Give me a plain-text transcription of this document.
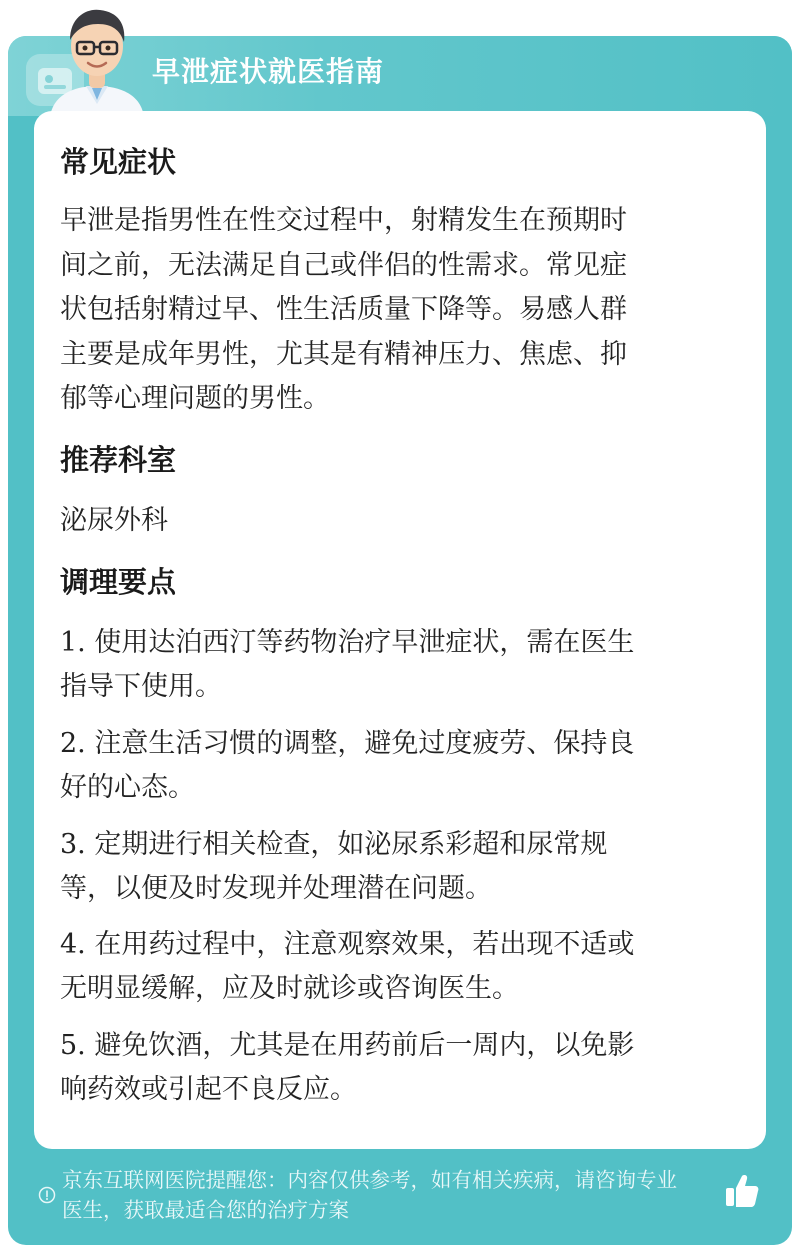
早泄症状就医指南
常见症状
早泄是指男性在性交过程中，射精发生在预期时
间之前，无法满足自己或伴侣的性需求。常见症
状包括射精过早、性生活质量下降等。易感人群
主要是成年男性，尤其是有精神压力、焦虑、抑
郁等心理问题的男性。
推荐科室
泌尿外科
调理要点
1. 使用达泊西汀等药物治疗早泄症状，需在医生
指导下使用。
2. 注意生活习惯的调整，避免过度疲劳、保持良
好的心态。
3. 定期进行相关检查，如泌尿系彩超和尿常规
等，以便及时发现并处理潜在问题。
4. 在用药过程中，注意观察效果，若出现不适或
无明显缓解，应及时就诊或咨询医生。
5. 避免饮酒，尤其是在用药前后一周内，以免影
响药效或引起不良反应。
京东互联网医院提醒您：内容仅供参考，如有相关疾病，请咨询专业
医生，获取最适合您的治疗方案
